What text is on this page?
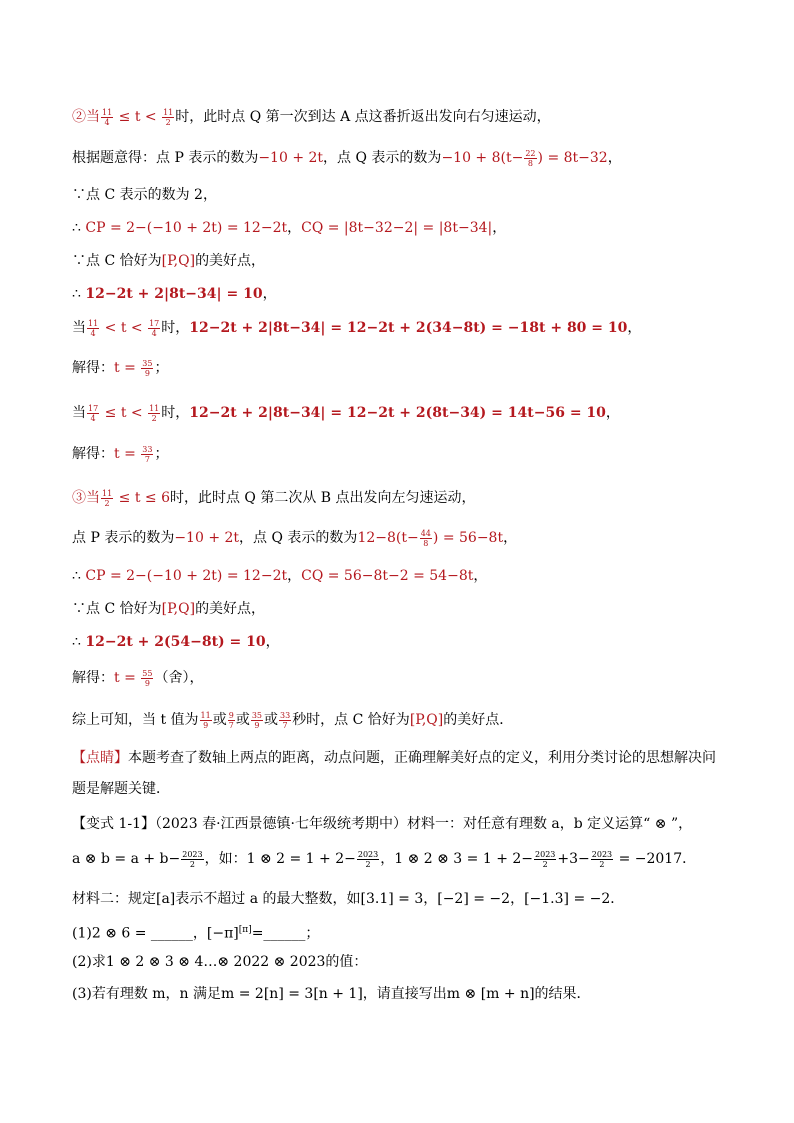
②当 $\frac{11}{4} \le t < \frac{11}{2}$ 时，此时点 Q 第一次到达 A 点这番折返出发向右匀速运动，
根据题意得：点 P 表示的数为−10 + 2t，点 Q 表示的数为$-10 + 8(t- \frac{22}{8}$ ) = 8t−32，
∵点 C 表示的数为 2，
∴ CP = 2−(−10 + 2t) = 12−2t，CQ = |8t−32−2| = |8t−34|，
∵点 C 恰好为[P,Q]的美好点，
∴ 12−2t + 2|8t−34| = 10，
当 $\frac{11}{4} < t < \frac{17}{4}$ 时，12−2t + 2|8t−34| = 12−2t + 2(34−8t) = −18t + 80 = 10，
解得：$t = \frac{35}{9}$ ；
当 $\frac{17}{4} \le t < \frac{11}{2}$ 时，12−2t + 2|8t−34| = 12−2t + 2(8t−34) = 14t−56 = 10，
解得：$t = \frac{33}{7}$ ；
③当 $\frac{11}{2} \le t \le 6$时，此时点 Q 第二次从 B 点出发向左匀速运动，
点 P 表示的数为−10 + 2t，点 Q 表示的数为$12-8(t- \frac{44}{8}$ ) = 56−8t，
∴ CP = 2−(−10 + 2t) = 12−2t，CQ = 56−8t−2 = 54−8t，
∵点 C 恰好为[P,Q]的美好点，
∴ 12−2t + 2(54−8t) = 10，
解得：$t = \frac{55}{9}$ （舍），
综上可知，当 t 值为 $\frac{11}{9}$ 或 $\frac{9}{7}$ 或 $\frac{35}{9}$ 或 $\frac{33}{7}$ 秒时，点 C 恰好为[P,Q]的美好点．
【点睛】本题考查了数轴上两点的距离，动点问题，正确理解美好点的定义，利用分类讨论的思想解决问
题是解题关键．
【变式 1-1】（2023 春·江西景德镇·七年级统考期中）材料一：对任意有理数 a，b 定义运算“ ⊗ ”，
a ⊗ $b = a + b- \frac{2023}{2}$ ，如：1 ⊗ $2 = 1 + 2- \frac{2023}{2}$ ，1 ⊗ 2 ⊗ $3 = 1 + 2- \frac{2023}{2} +3- \frac{2023}{2} = -2017$．
材料二：规定[a]表示不超过 a 的最大整数，如[3.1] = 3，[−2] = −2，[−1.3] = −2．
(1)2 ⊗ 6 = ______，[−π][π]=______；
(2)求1 ⊗ 2 ⊗ 3 ⊗ 4…⊗ 2022 ⊗ 2023的值：
(3)若有理数 m，n 满足m = 2[n] = 3[n + 1]，请直接写出m ⊗ [m + n]的结果．
